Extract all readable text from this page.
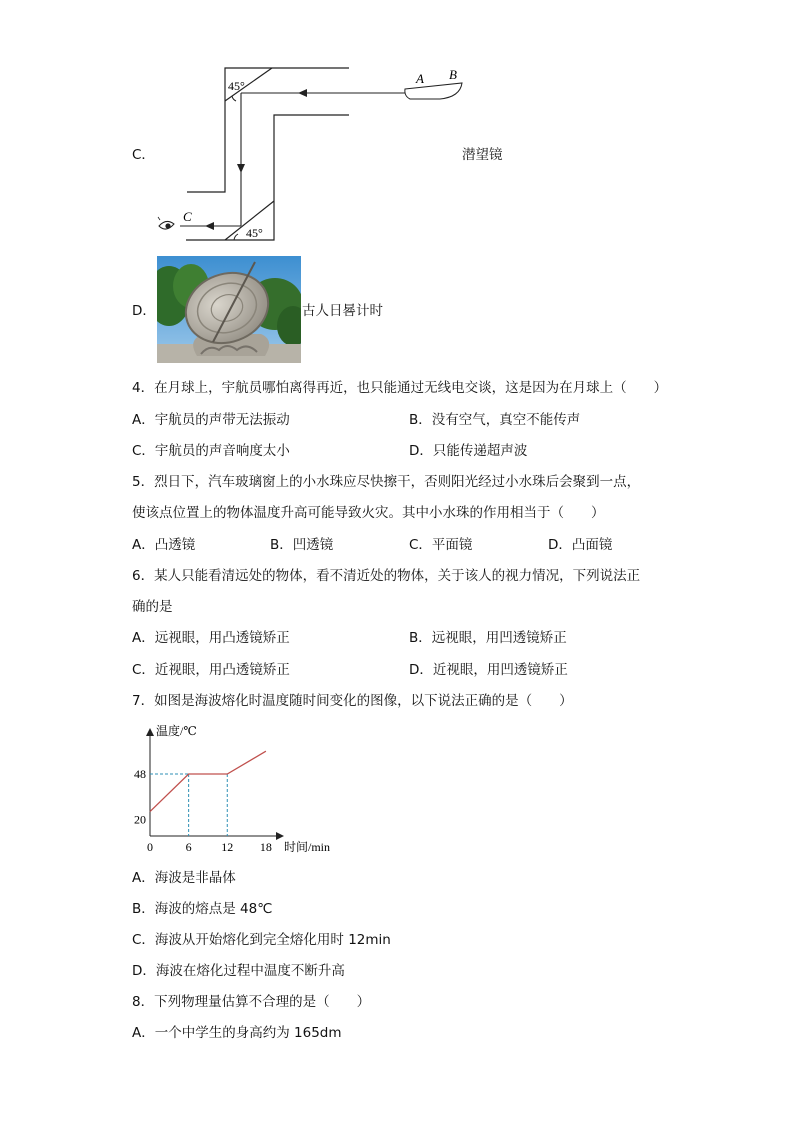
C．
45°
45°
A B
C
潜望镜
D．	古人日晷计时
4．在月球上，宇航员哪怕离得再近，也只能通过无线电交谈，这是因为在月球上（　　）
A．宇航员的声带无法振动	B．没有空气，真空不能传声
C．宇航员的声音响度太小	D．只能传递超声波
5．烈日下，汽车玻璃窗上的小水珠应尽快擦干，否则阳光经过小水珠后会聚到一点，
使该点位置上的物体温度升高可能导致火灾。其中小水珠的作用相当于（　　）
A．凸透镜	B．凹透镜	C．平面镜	D．凸面镜
6．某人只能看清远处的物体，看不清近处的物体，关于该人的视力情况，下列说法正
确的是
A．远视眼，用凸透镜矫正	B．远视眼，用凹透镜矫正
C．近视眼，用凸透镜矫正	D．近视眼，用凹透镜矫正
7．如图是海波熔化时温度随时间变化的图像，以下说法正确的是（　　）
温度/℃
时间/min
0	6 12 18
20
48
A．海波是非晶体
B．海波的熔点是 48℃
C．海波从开始熔化到完全熔化用时 12min
D．海波在熔化过程中温度不断升高
8．下列物理量估算不合理的是（　　）
A．一个中学生的身高约为 165dm
